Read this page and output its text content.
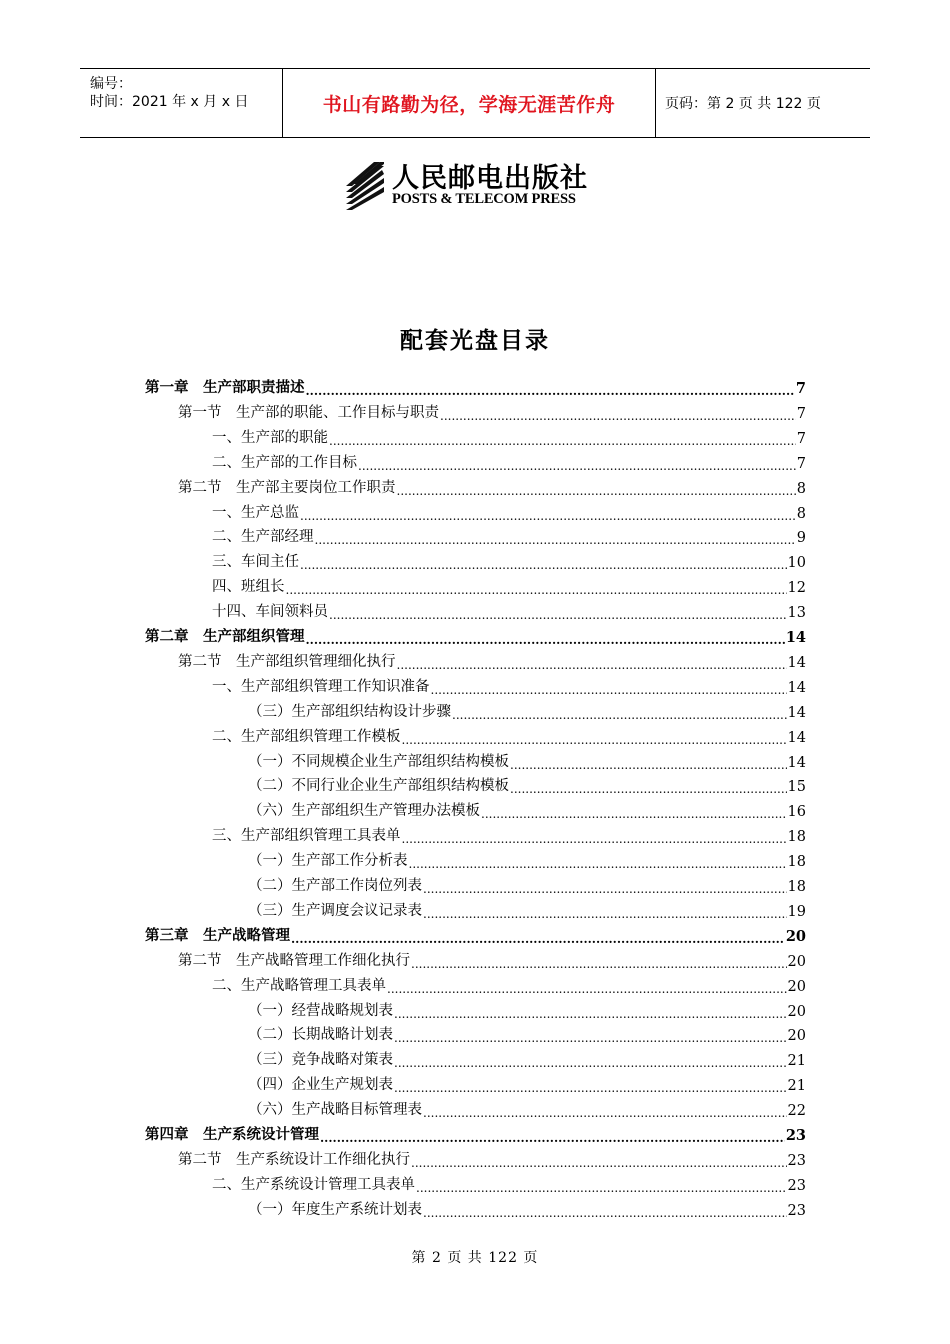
编号：
时间：2021 年 x 月 x 日	书山有路勤为径，学海无涯苦作舟	页码：第 2 页 共 122 页
人民邮电出版社
POSTS & TELECOM PRESS
配套光盘目录
第一章　生产部职责描述 .....	7
第一节　生产部的职能、工作目标与职责 .....	7
一、生产部的职能 .....	7
二、生产部的工作目标 .....	7
第二节　生产部主要岗位工作职责 .....	8
一、生产总监 .....	8
二、生产部经理 .....	9
三、车间主任 .....	10
四、班组长 .....	12
十四、车间领料员 .....	13
第二章　生产部组织管理 .....	14
第二节　生产部组织管理细化执行 .....	14
一、生产部组织管理工作知识准备 .....	14
（三）生产部组织结构设计步骤 .....	14
二、生产部组织管理工作模板 .....	14
（一）不同规模企业生产部组织结构模板 .....	14
（二）不同行业企业生产部组织结构模板 .....	15
（六）生产部组织生产管理办法模板 .....	16
三、生产部组织管理工具表单 .....	18
（一）生产部工作分析表 .....	18
（二）生产部工作岗位列表 .....	18
（三）生产调度会议记录表 .....	19
第三章　生产战略管理 .....	20
第二节　生产战略管理工作细化执行 .....	20
二、生产战略管理工具表单 .....	20
（一）经营战略规划表 .....	20
（二）长期战略计划表 .....	20
（三）竞争战略对策表 .....	21
（四）企业生产规划表 .....	21
（六）生产战略目标管理表 .....	22
第四章　生产系统设计管理 .....	23
第二节　生产系统设计工作细化执行 .....	23
二、生产系统设计管理工具表单 .....	23
（一）年度生产系统计划表 .....	23
第 2 页 共 122 页
